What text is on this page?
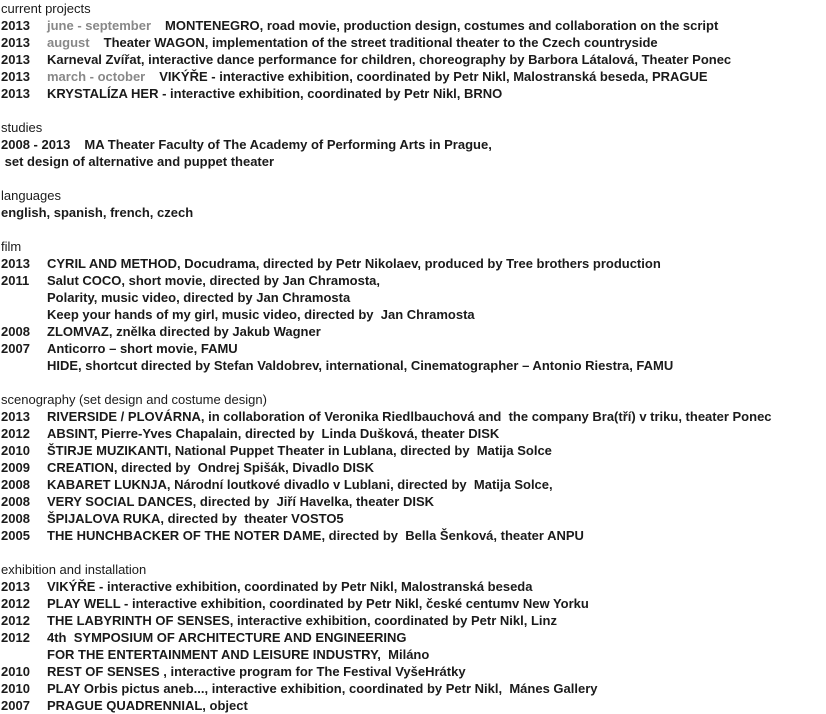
current projects
2013	june - september MONTENEGRO, road movie, production design, costumes and collaboration on the script
2013	august Theater WAGON, implementation of the street traditional theater to the Czech countryside
2013	Karneval Zvířat, interactive dance performance for children, choreography by Barbora Látalová, Theater Ponec
2013	march - october VIKÝŘE - interactive exhibition, coordinated by Petr Nikl, Malostranská beseda, PRAGUE
2013	KRYSTALÍZA HER - interactive exhibition, coordinated by Petr Nikl, BRNO
studies
2008 - 2013	MA Theater Faculty of The Academy of Performing Arts in Prague,
set design of alternative and puppet theater
languages
english, spanish, french, czech
film
2013	CYRIL AND METHOD, Docudrama, directed by Petr Nikolaev, produced by Tree brothers production
2011	Salut COCO, short movie, directed by Jan Chramosta,
Polarity, music video, directed by Jan Chramosta
Keep your hands of my girl, music video, directed by  Jan Chramosta
2008	ZLOMVAZ, znělka directed by Jakub Wagner
2007	Anticorro – short movie, FAMU
HIDE, shortcut directed by Stefan Valdobrev, international, Cinematographer – Antonio Riestra, FAMU
scenography (set design and costume design)
2013	RIVERSIDE / PLOVÁRNA, in collaboration of Veronika Riedlbauchová and  the company Bra(tří) v triku, theater Ponec
2012	ABSINT, Pierre-Yves Chapalain, directed by  Linda Dušková, theater DISK
2010	ŠTIRJE MUZIKANTI, National Puppet Theater in Lublana, directed by  Matija Solce
2009	CREATION, directed by  Ondrej Spišák, Divadlo DISK
2008	KABARET LUKNJA, Národní loutkové divadlo v Lublani, directed by  Matija Solce,
2008	VERY SOCIAL DANCES, directed by  Jiří Havelka, theater DISK
2008	ŠPIJALOVA RUKA, directed by  theater VOSTO5
2005	THE HUNCHBACKER OF THE NOTER DAME, directed by  Bella Šenková, theater ANPU
exhibition and installation
2013	VIKÝŘE - interactive exhibition, coordinated by Petr Nikl, Malostranská beseda
2012	PLAY WELL - interactive exhibition, coordinated by Petr Nikl, české centumv New Yorku
2012	THE LABYRINTH OF SENSES, interactive exhibition, coordinated by Petr Nikl, Linz
2012	4th  SYMPOSIUM OF ARCHITECTURE AND ENGINEERING
FOR THE ENTERTAINMENT AND LEISURE INDUSTRY,  Miláno
2010	REST OF SENSES , interactive program for The Festival VyšeHrátky
2010	PLAY Orbis pictus aneb..., interactive exhibition, coordinated by Petr Nikl,  Mánes Gallery
2007	PRAGUE QUADRENNIAL, object
